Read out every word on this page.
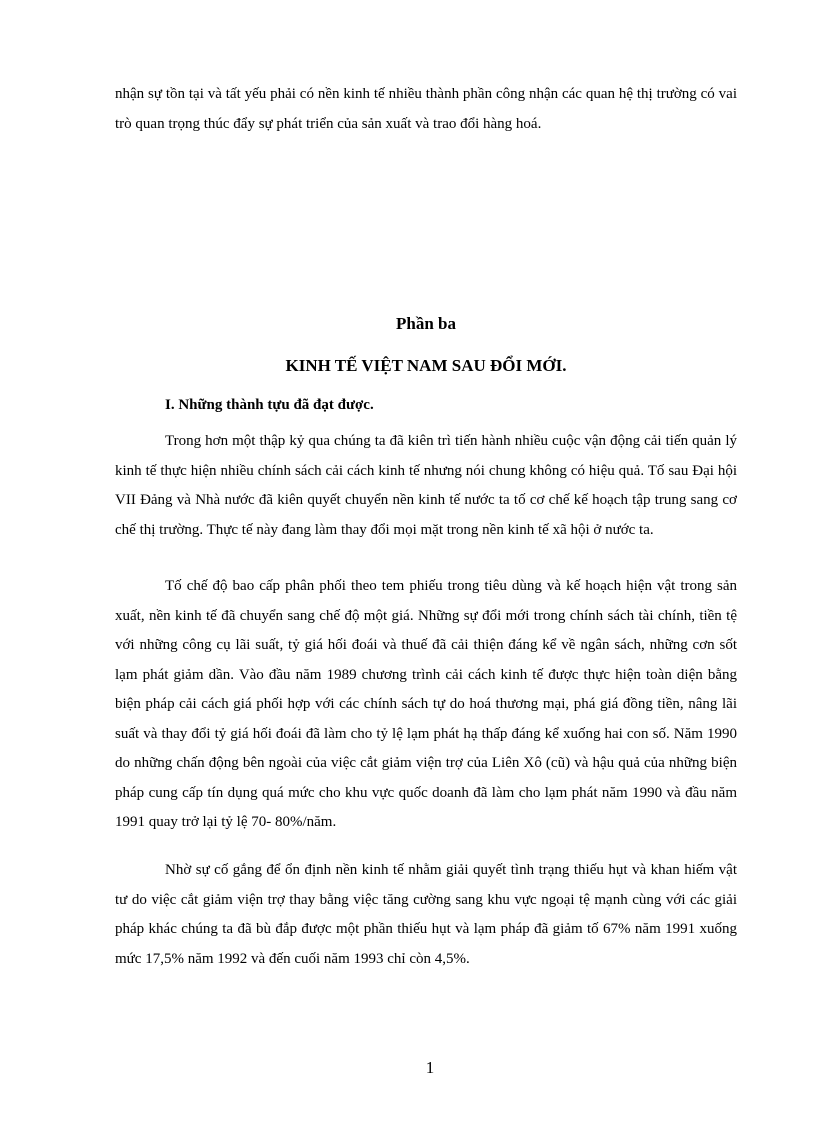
nhận sự tồn tại và tất yếu phải có nền kinh tế nhiều thành phần công nhận các quan hệ thị trường có vai trò quan trọng thúc đẩy sự phát triển của sản xuất và trao đổi hàng hoá.

Phần ba
KINH TẾ VIỆT NAM SAU ĐỔI MỚI.
I. Những thành tựu đã đạt được.

Trong hơn một thập kỷ qua chúng ta đã kiên trì tiến hành nhiều cuộc vận động cải tiến quản lý kinh tế thực hiện nhiều chính sách cải cách kinh tế nhưng nói chung không có hiệu quả. Tố sau Đại hội VII Đảng và Nhà nước đã kiên quyết chuyển nền kinh tế nước ta tố cơ chế kế hoạch tập trung sang cơ chế thị trường. Thực tế này đang làm thay đổi mọi mặt trong nền kinh tế xã hội ở nước ta.

Tố chế độ bao cấp phân phối theo tem phiếu trong tiêu dùng và kế hoạch hiện vật trong sản xuất, nền kinh tế đã chuyển sang chế độ một giá. Những sự đổi mới trong chính sách tài chính, tiền tệ với những công cụ lãi suất, tỷ giá hối đoái và thuế đã cải thiện đáng kể về ngân sách, những cơn sốt lạm phát giảm dần. Vào đầu năm 1989 chương trình cải cách kinh tế được thực hiện toàn diện bằng biện pháp cải cách giá phối hợp với các chính sách tự do hoá thương mại, phá giá đồng tiền, nâng lãi suất và thay đổi tỷ giá hối đoái đã làm cho tỷ lệ lạm phát hạ thấp đáng kể xuống hai con số. Năm 1990 do những chấn động bên ngoài của việc cắt giảm viện trợ của Liên Xô (cũ) và hậu quả của những biện pháp cung cấp tín dụng quá mức cho khu vực quốc doanh đã làm cho lạm phát năm 1990 và đầu năm 1991 quay trở lại tỷ lệ 70- 80%/năm.

Nhờ sự cố gắng để ổn định nền kinh tế nhằm giải quyết tình trạng thiếu hụt và khan hiếm vật tư do việc cắt giảm viện trợ thay bằng việc tăng cường sang khu vực ngoại tệ mạnh cùng với các giải pháp khác chúng ta đã bù đắp được một phần thiếu hụt và lạm pháp đã giảm tố 67% năm 1991 xuống mức 17,5% năm 1992 và đến cuối năm 1993 chỉ còn 4,5%.

1
